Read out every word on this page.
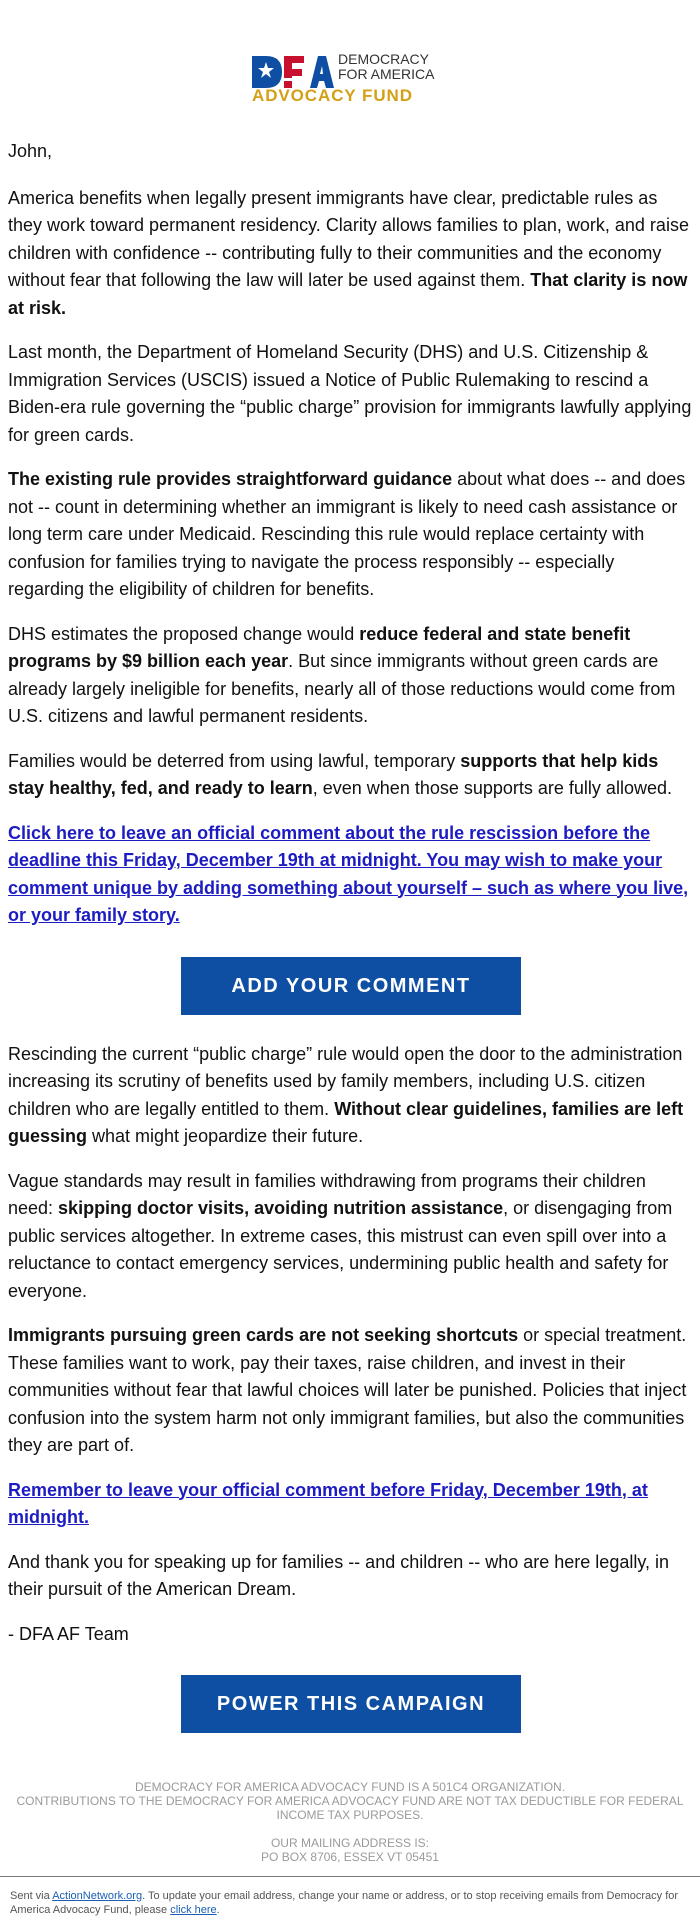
DEMOCRACY
FOR AMERICA
ADVOCACY FUND

John,

America benefits when legally present immigrants have clear, predictable rules as they work toward permanent residency. Clarity allows families to plan, work, and raise children with confidence -- contributing fully to their communities and the economy without fear that following the law will later be used against them. That clarity is now at risk.

Last month, the Department of Homeland Security (DHS) and U.S. Citizenship & Immigration Services (USCIS) issued a Notice of Public Rulemaking to rescind a Biden-era rule governing the “public charge” provision for immigrants lawfully applying for green cards.

The existing rule provides straightforward guidance about what does -- and does not -- count in determining whether an immigrant is likely to need cash assistance or long term care under Medicaid. Rescinding this rule would replace certainty with confusion for families trying to navigate the process responsibly -- especially regarding the eligibility of children for benefits.

DHS estimates the proposed change would reduce federal and state benefit programs by $9 billion each year. But since immigrants without green cards are already largely ineligible for benefits, nearly all of those reductions would come from U.S. citizens and lawful permanent residents.

Families would be deterred from using lawful, temporary supports that help kids stay healthy, fed, and ready to learn, even when those supports are fully allowed.

Click here to leave an official comment about the rule rescission before the deadline this Friday, December 19th at midnight. You may wish to make your comment unique by adding something about yourself – such as where you live, or your family story.

ADD YOUR COMMENT

Rescinding the current “public charge” rule would open the door to the administration increasing its scrutiny of benefits used by family members, including U.S. citizen children who are legally entitled to them. Without clear guidelines, families are left guessing what might jeopardize their future.

Vague standards may result in families withdrawing from programs their children need: skipping doctor visits, avoiding nutrition assistance, or disengaging from public services altogether. In extreme cases, this mistrust can even spill over into a reluctance to contact emergency services, undermining public health and safety for everyone.

Immigrants pursuing green cards are not seeking shortcuts or special treatment. These families want to work, pay their taxes, raise children, and invest in their communities without fear that lawful choices will later be punished. Policies that inject confusion into the system harm not only immigrant families, but also the communities they are part of.

Remember to leave your official comment before Friday, December 19th, at midnight.

And thank you for speaking up for families -- and children -- who are here legally, in their pursuit of the American Dream.

- DFA AF Team

POWER THIS CAMPAIGN
DEMOCRACY FOR AMERICA ADVOCACY FUND IS A 501C4 ORGANIZATION.
CONTRIBUTIONS TO THE DEMOCRACY FOR AMERICA ADVOCACY FUND ARE NOT TAX DEDUCTIBLE FOR FEDERAL INCOME TAX PURPOSES.
OUR MAILING ADDRESS IS:
PO BOX 8706, ESSEX VT 05451
Sent via ActionNetwork.org. To update your email address, change your name or address, or to stop receiving emails from Democracy for America Advocacy Fund, please click here.
